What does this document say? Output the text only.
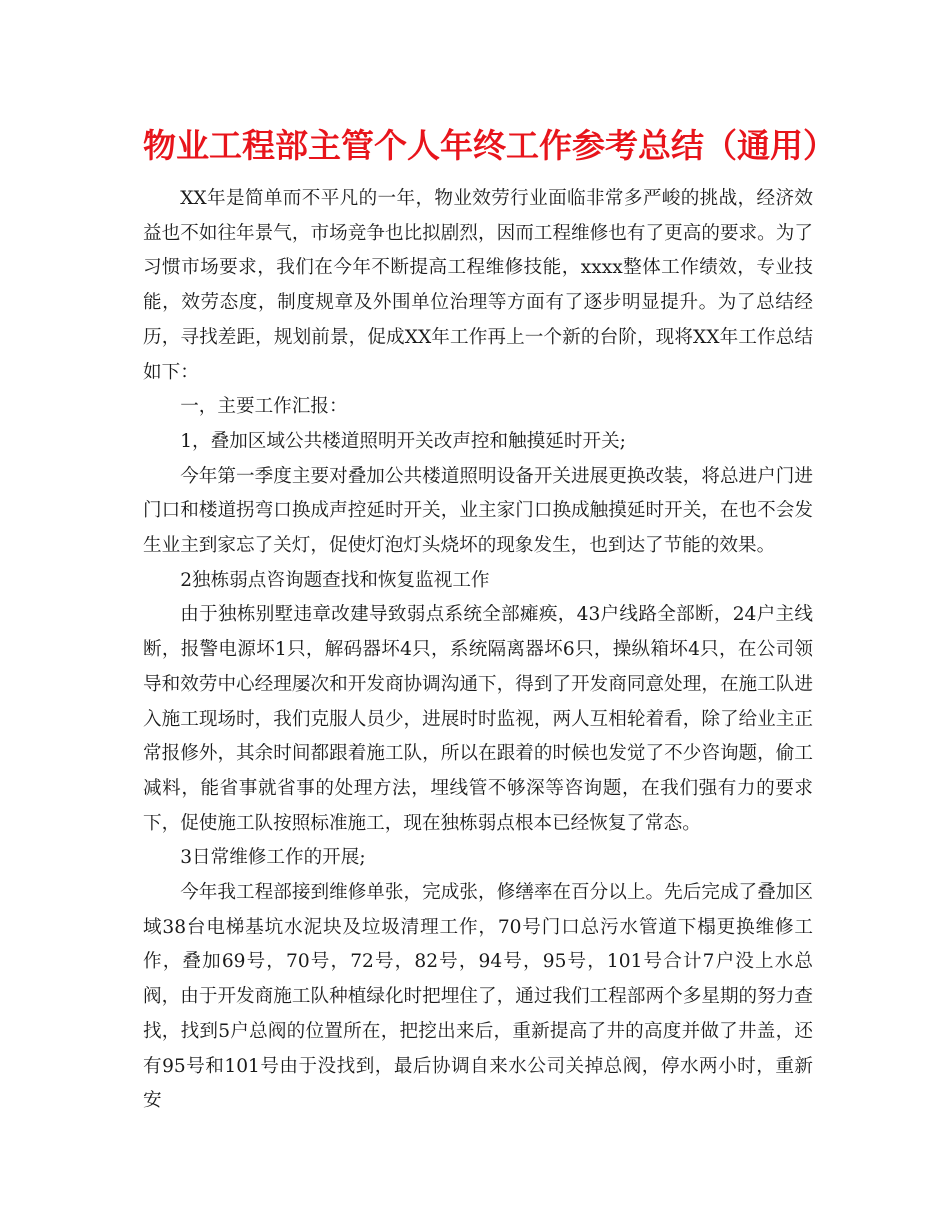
物业工程部主管个人年终工作参考总结（通用）

XX年是简单而不平凡的一年，物业效劳行业面临非常多严峻的挑战，经济效益也不如往年景气，市场竞争也比拟剧烈，因而工程维修也有了更高的要求。为了习惯市场要求，我们在今年不断提高工程维修技能，xxxx整体工作绩效，专业技能，效劳态度，制度规章及外围单位治理等方面有了逐步明显提升。为了总结经历，寻找差距，规划前景，促成XX年工作再上一个新的台阶，现将XX年工作总结如下：

一，主要工作汇报：

1，叠加区域公共楼道照明开关改声控和触摸延时开关;

今年第一季度主要对叠加公共楼道照明设备开关进展更换改装，将总进户门进门口和楼道拐弯口换成声控延时开关，业主家门口换成触摸延时开关，在也不会发生业主到家忘了关灯，促使灯泡灯头烧坏的现象发生，也到达了节能的效果。

2独栋弱点咨询题查找和恢复监视工作

由于独栋别墅违章改建导致弱点系统全部瘫痪，43户线路全部断，24户主线断，报警电源坏1只，解码器坏4只，系统隔离器坏6只，操纵箱坏4只，在公司领导和效劳中心经理屡次和开发商协调沟通下，得到了开发商同意处理，在施工队进入施工现场时，我们克服人员少，进展时时监视，两人互相轮着看，除了给业主正常报修外，其余时间都跟着施工队，所以在跟着的时候也发觉了不少咨询题，偷工减料，能省事就省事的处理方法，埋线管不够深等咨询题，在我们强有力的要求下，促使施工队按照标准施工，现在独栋弱点根本已经恢复了常态。

3日常维修工作的开展;

今年我工程部接到维修单张，完成张，修缮率在百分以上。先后完成了叠加区域38台电梯基坑水泥块及垃圾清理工作，70号门口总污水管道下榻更换维修工作，叠加69号，70号，72号，82号，94号，95号，101号合计7户没上水总阀，由于开发商施工队种植绿化时把埋住了，通过我们工程部两个多星期的努力查找，找到5户总阀的位置所在，把挖出来后，重新提高了井的高度并做了井盖，还有95号和101号由于没找到，最后协调自来水公司关掉总阀，停水两小时，重新安
